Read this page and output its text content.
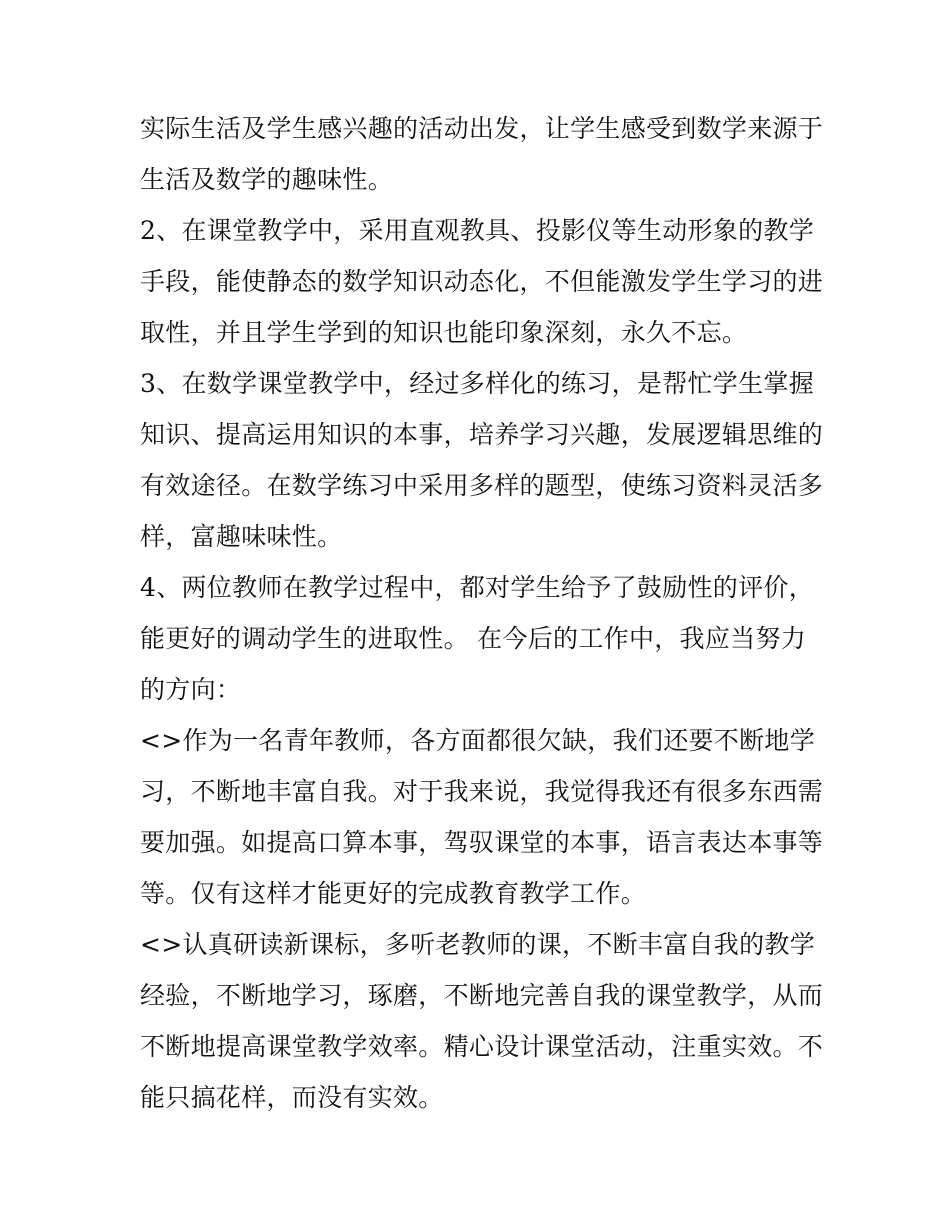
实际生活及学生感兴趣的活动出发，让学生感受到数学来源于
生活及数学的趣味性。
2、在课堂教学中，采用直观教具、投影仪等生动形象的教学
手段，能使静态的数学知识动态化，不但能激发学生学习的进
取性，并且学生学到的知识也能印象深刻，永久不忘。
3、在数学课堂教学中，经过多样化的练习，是帮忙学生掌握
知识、提高运用知识的本事，培养学习兴趣，发展逻辑思维的
有效途径。在数学练习中采用多样的题型，使练习资料灵活多
样，富趣味味性。
4、两位教师在教学过程中，都对学生给予了鼓励性的评价，
能更好的调动学生的进取性。 在今后的工作中，我应当努力
的方向：
<>作为一名青年教师，各方面都很欠缺，我们还要不断地学
习，不断地丰富自我。对于我来说，我觉得我还有很多东西需
要加强。如提高口算本事，驾驭课堂的本事，语言表达本事等
等。仅有这样才能更好的完成教育教学工作。
<>认真研读新课标，多听老教师的课，不断丰富自我的教学
经验，不断地学习，琢磨，不断地完善自我的课堂教学，从而
不断地提高课堂教学效率。精心设计课堂活动，注重实效。不
能只搞花样，而没有实效。
